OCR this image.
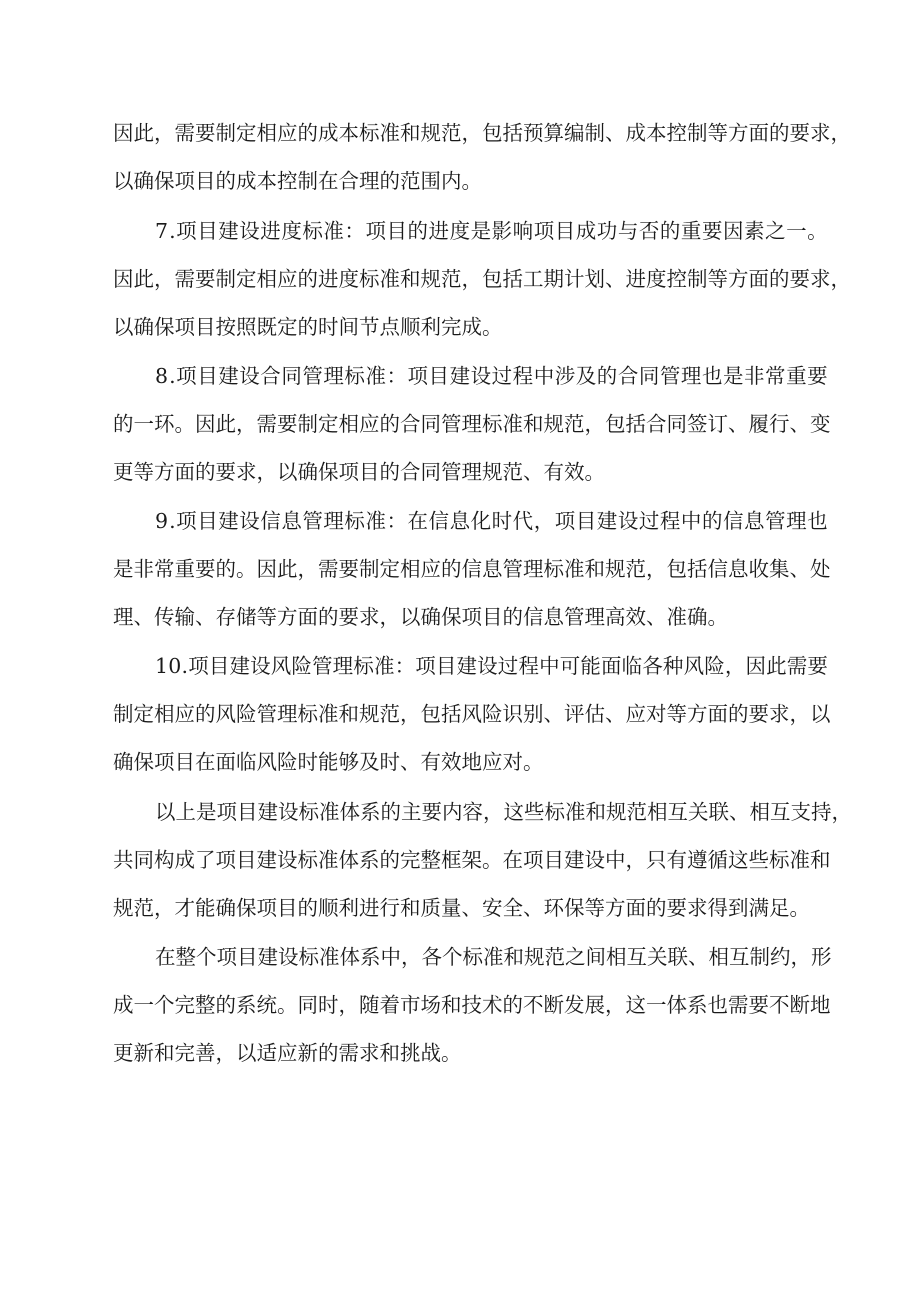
因 此 ， 需 要 制 定 相 应 的 成 本 标 准 和 规 范 ， 包 括 预 算 编 制 、 成 本 控 制 等 方 面 的 要 求 ，
以确保项目的成本控制在合理的范围内。
7 . 项 目 建 设 进 度 标 准 ： 项 目 的 进 度 是 影 响 项 目 成 功 与 否 的 重 要 因 素 之 一 。
因 此 ， 需 要 制 定 相 应 的 进 度 标 准 和 规 范 ， 包 括 工 期 计 划 、 进 度 控 制 等 方 面 的 要 求 ，
以确保项目按照既定的时间节点顺利完成。
8 . 项 目 建 设 合 同 管 理 标 准 ： 项 目 建 设 过 程 中 涉 及 的 合 同 管 理 也 是 非 常 重 要
的 一 环 。 因 此 ， 需 要 制 定 相 应 的 合 同 管 理 标 准 和 规 范 ， 包 括 合 同 签 订 、 履 行 、 变
更等方面的要求，以确保项目的合同管理规范、有效。
9 . 项 目 建 设 信 息 管 理 标 准 ： 在 信 息 化 时 代 ， 项 目 建 设 过 程 中 的 信 息 管 理 也
是 非 常 重 要 的 。 因 此 ， 需 要 制 定 相 应 的 信 息 管 理 标 准 和 规 范 ， 包 括 信 息 收 集 、 处
理、传输、存储等方面的要求，以确保项目的信息管理高效、准确。
1 0 . 项 目 建 设 风 险 管 理 标 准 ： 项 目 建 设 过 程 中 可 能 面 临 各 种 风 险 ， 因 此 需 要
制 定 相 应 的 风 险 管 理 标 准 和 规 范 ， 包 括 风 险 识 别 、 评 估 、 应 对 等 方 面 的 要 求 ， 以
确保项目在面临风险时能够及时、有效地应对。
以 上 是 项 目 建 设 标 准 体 系 的 主 要 内 容 ， 这 些 标 准 和 规 范 相 互 关 联 、 相 互 支 持 ，
共 同 构 成 了 项 目 建 设 标 准 体 系 的 完 整 框 架 。 在 项 目 建 设 中 ， 只 有 遵 循 这 些 标 准 和
规范，才能确保项目的顺利进行和质量、安全、环保等方面的要求得到满足。
在 整 个 项 目 建 设 标 准 体 系 中 ， 各 个 标 准 和 规 范 之 间 相 互 关 联 、 相 互 制 约 ， 形
成 一 个 完 整 的 系 统 。 同 时 ， 随 着 市 场 和 技 术 的 不 断 发 展 ， 这 一 体 系 也 需 要 不 断 地
更新和完善，以适应新的需求和挑战。
